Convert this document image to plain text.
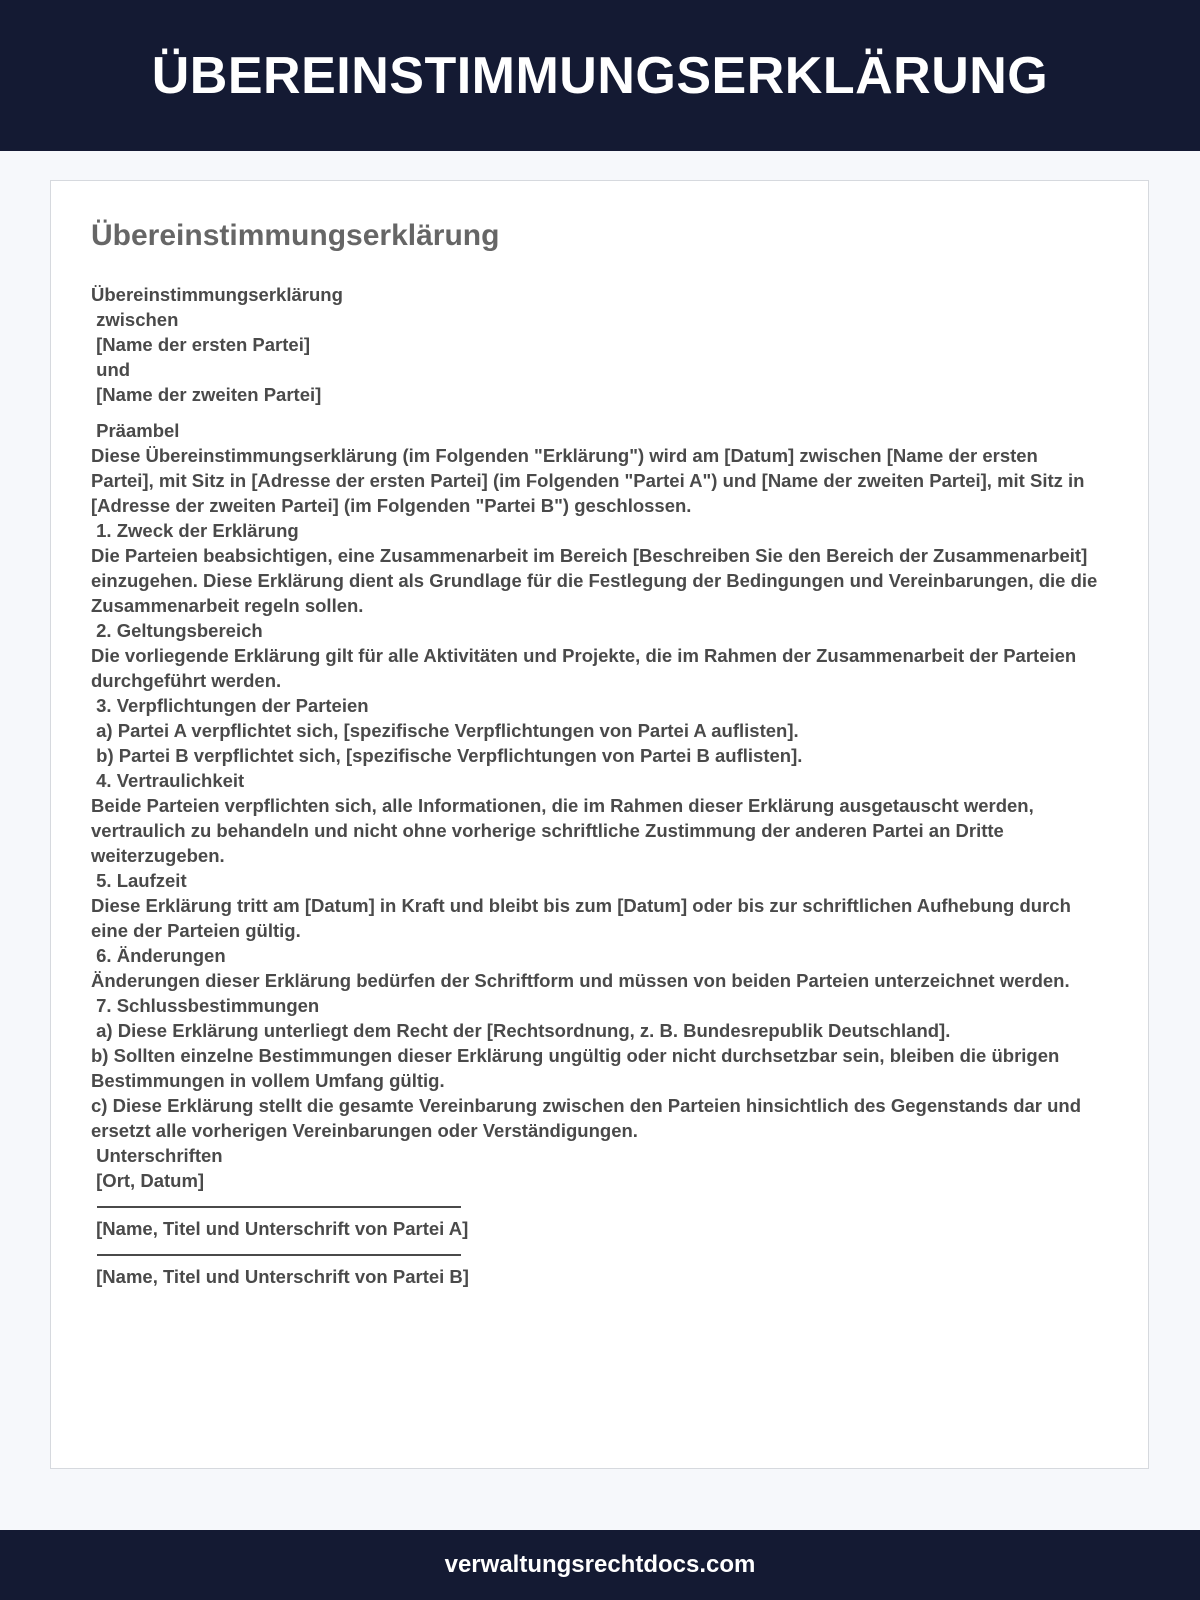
ÜBEREINSTIMMUNGSERKLÄRUNG
Übereinstimmungserklärung
Übereinstimmungserklärung
zwischen
[Name der ersten Partei]
und
[Name der zweiten Partei]
Präambel
Diese Übereinstimmungserklärung (im Folgenden "Erklärung") wird am [Datum] zwischen [Name der ersten Partei], mit Sitz in [Adresse der ersten Partei] (im Folgenden "Partei A") und [Name der zweiten Partei], mit Sitz in [Adresse der zweiten Partei] (im Folgenden "Partei B") geschlossen.
1. Zweck der Erklärung
Die Parteien beabsichtigen, eine Zusammenarbeit im Bereich [Beschreiben Sie den Bereich der Zusammenarbeit] einzugehen. Diese Erklärung dient als Grundlage für die Festlegung der Bedingungen und Vereinbarungen, die die Zusammenarbeit regeln sollen.
2. Geltungsbereich
Die vorliegende Erklärung gilt für alle Aktivitäten und Projekte, die im Rahmen der Zusammenarbeit der Parteien durchgeführt werden.
3. Verpflichtungen der Parteien
a) Partei A verpflichtet sich, [spezifische Verpflichtungen von Partei A auflisten].
b) Partei B verpflichtet sich, [spezifische Verpflichtungen von Partei B auflisten].
4. Vertraulichkeit
Beide Parteien verpflichten sich, alle Informationen, die im Rahmen dieser Erklärung ausgetauscht werden, vertraulich zu behandeln und nicht ohne vorherige schriftliche Zustimmung der anderen Partei an Dritte weiterzugeben.
5. Laufzeit
Diese Erklärung tritt am [Datum] in Kraft und bleibt bis zum [Datum] oder bis zur schriftlichen Aufhebung durch eine der Parteien gültig.
6. Änderungen
Änderungen dieser Erklärung bedürfen der Schriftform und müssen von beiden Parteien unterzeichnet werden.
7. Schlussbestimmungen
a) Diese Erklärung unterliegt dem Recht der [Rechtsordnung, z. B. Bundesrepublik Deutschland].
b) Sollten einzelne Bestimmungen dieser Erklärung ungültig oder nicht durchsetzbar sein, bleiben die übrigen Bestimmungen in vollem Umfang gültig.
c) Diese Erklärung stellt die gesamte Vereinbarung zwischen den Parteien hinsichtlich des Gegenstands dar und ersetzt alle vorherigen Vereinbarungen oder Verständigungen.
Unterschriften
[Ort, Datum]
[Name, Titel und Unterschrift von Partei A]
[Name, Titel und Unterschrift von Partei B]
verwaltungsrechtdocs.com
